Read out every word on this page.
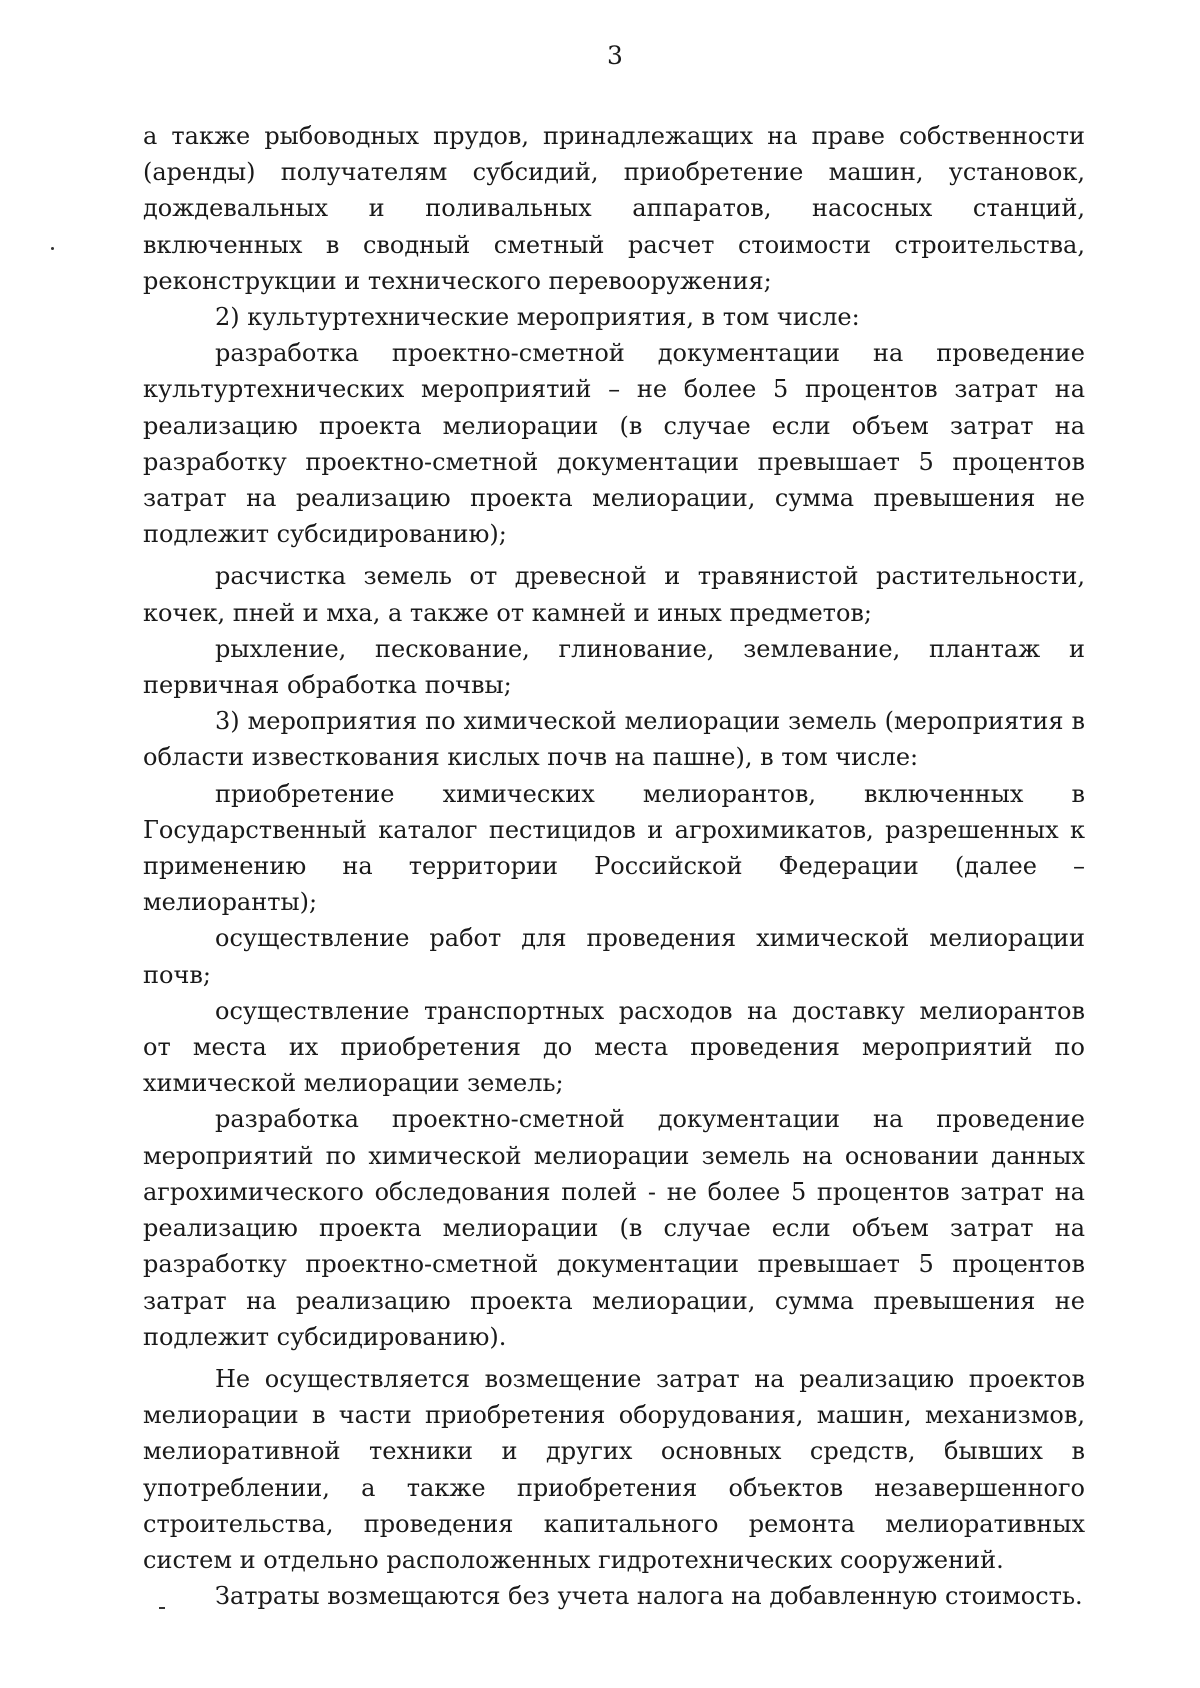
3

а также рыбоводных прудов, принадлежащих на праве собственности (аренды) получателям субсидий, приобретение машин, установок, дождевальных и поливальных аппаратов, насосных станций, включенных в сводный сметный расчет стоимости строительства, реконструкции и технического перевооружения;

2) культуртехнические мероприятия, в том числе:

разработка проектно-сметной документации на проведение культуртехнических мероприятий – не более 5 процентов затрат на реализацию проекта мелиорации (в случае если объем затрат на разработку проектно-сметной документации превышает 5 процентов затрат на реализацию проекта мелиорации, сумма превышения не подлежит субсидированию);

расчистка земель от древесной и травянистой растительности, кочек, пней и мха, а также от камней и иных предметов;

рыхление, пескование, глинование, землевание, плантаж и первичная обработка почвы;

3) мероприятия по химической мелиорации земель (мероприятия в области известкования кислых почв на пашне), в том числе:

приобретение химических мелиорантов, включенных в Государственный каталог пестицидов и агрохимикатов, разрешенных к применению на территории Российской Федерации (далее – мелиоранты);

осуществление работ для проведения химической мелиорации почв;

осуществление транспортных расходов на доставку мелиорантов от места их приобретения до места проведения мероприятий по химической мелиорации земель;

разработка проектно-сметной документации на проведение мероприятий по химической мелиорации земель на основании данных агрохимического обследования полей - не более 5 процентов затрат на реализацию проекта мелиорации (в случае если объем затрат на разработку проектно-сметной документации превышает 5 процентов затрат на реализацию проекта мелиорации, сумма превышения не подлежит субсидированию).

Не осуществляется возмещение затрат на реализацию проектов мелиорации в части приобретения оборудования, машин, механизмов, мелиоративной техники и других основных средств, бывших в употреблении, а также приобретения объектов незавершенного строительства, проведения капитального ремонта мелиоративных систем и отдельно расположенных гидротехнических сооружений.

Затраты возмещаются без учета налога на добавленную стоимость.
